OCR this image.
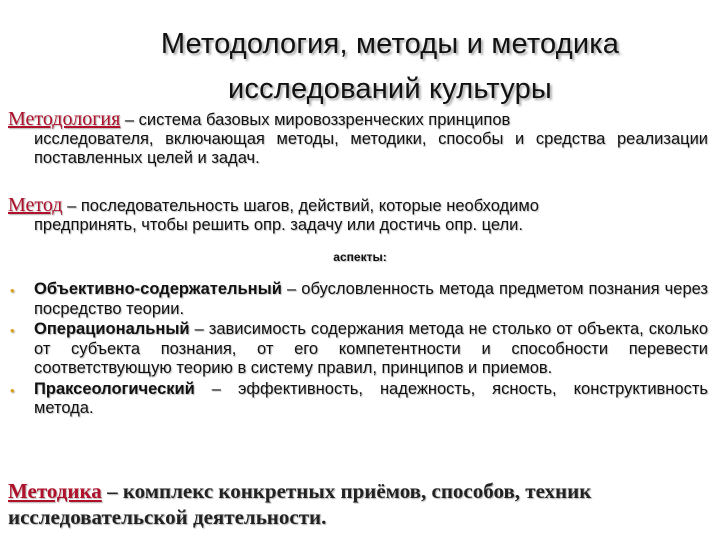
Методология, методы и методика
исследований культуры
Методология – система базовых мировоззренческих принципов
исследователя, включающая методы, методики, способы и средства реализации поставленных целей и задач.
Метод – последовательность шагов, действий, которые необходимо
предпринять, чтобы решить опр. задачу или достичь опр. цели.
аспекты:
• Объективно-содержательный – обусловленность метода предметом познания через посредство теории.
• Операциональный – зависимость содержания метода не столько от объекта, сколько от субъекта познания, от его компетентности и способности перевести соответствующую теорию в систему правил, принципов и приемов.
• Праксеологический – эффективность, надежность, ясность, конструктивность метода.
Методика – комплекс конкретных приёмов, способов, техник исследовательской деятельности.
